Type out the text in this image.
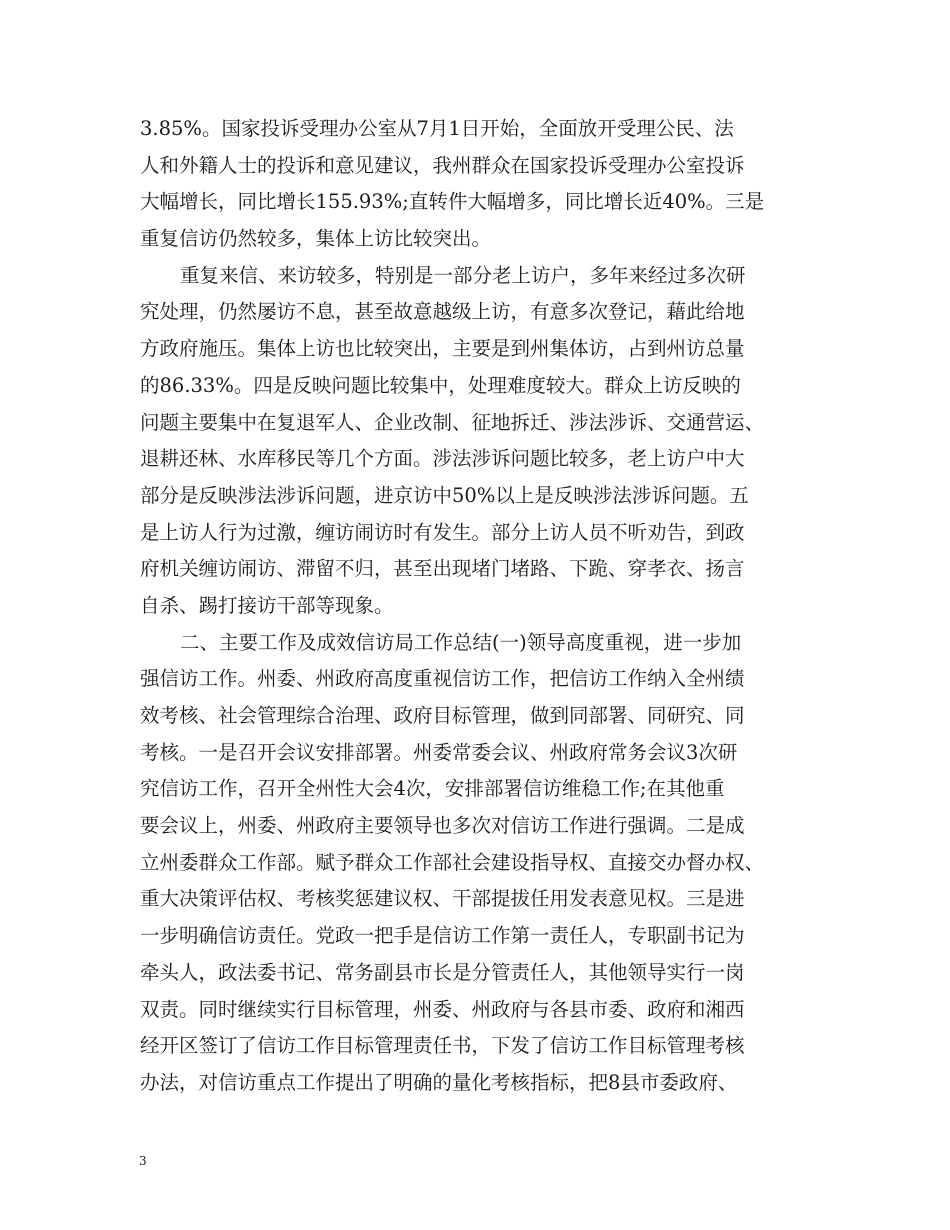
3.85%。国家投诉受理办公室从7月1日开始，全面放开受理公民、法
人和外籍人士的投诉和意见建议，我州群众在国家投诉受理办公室投诉
大幅增长，同比增长155.93%;直转件大幅增多，同比增长近40%。三是
重复信访仍然较多，集体上访比较突出。
重复来信、来访较多，特别是一部分老上访户，多年来经过多次研
究处理，仍然屡访不息，甚至故意越级上访，有意多次登记，藉此给地
方政府施压。集体上访也比较突出，主要是到州集体访，占到州访总量
的86.33%。四是反映问题比较集中，处理难度较大。群众上访反映的
问题主要集中在复退军人、企业改制、征地拆迁、涉法涉诉、交通营运、
退耕还林、水库移民等几个方面。涉法涉诉问题比较多，老上访户中大
部分是反映涉法涉诉问题，进京访中50%以上是反映涉法涉诉问题。五
是上访人行为过激，缠访闹访时有发生。部分上访人员不听劝告，到政
府机关缠访闹访、滞留不归，甚至出现堵门堵路、下跪、穿孝衣、扬言
自杀、踢打接访干部等现象。
二、主要工作及成效信访局工作总结(一)领导高度重视，进一步加
强信访工作。州委、州政府高度重视信访工作，把信访工作纳入全州绩
效考核、社会管理综合治理、政府目标管理，做到同部署、同研究、同
考核。一是召开会议安排部署。州委常委会议、州政府常务会议3次研
究信访工作，召开全州性大会4次，安排部署信访维稳工作;在其他重
要会议上，州委、州政府主要领导也多次对信访工作进行强调。二是成
立州委群众工作部。赋予群众工作部社会建设指导权、直接交办督办权、
重大决策评估权、考核奖惩建议权、干部提拔任用发表意见权。三是进
一步明确信访责任。党政一把手是信访工作第一责任人，专职副书记为
牵头人，政法委书记、常务副县市长是分管责任人，其他领导实行一岗
双责。同时继续实行目标管理，州委、州政府与各县市委、政府和湘西
经开区签订了信访工作目标管理责任书，下发了信访工作目标管理考核
办法，对信访重点工作提出了明确的量化考核指标，把8县市委政府、
3
